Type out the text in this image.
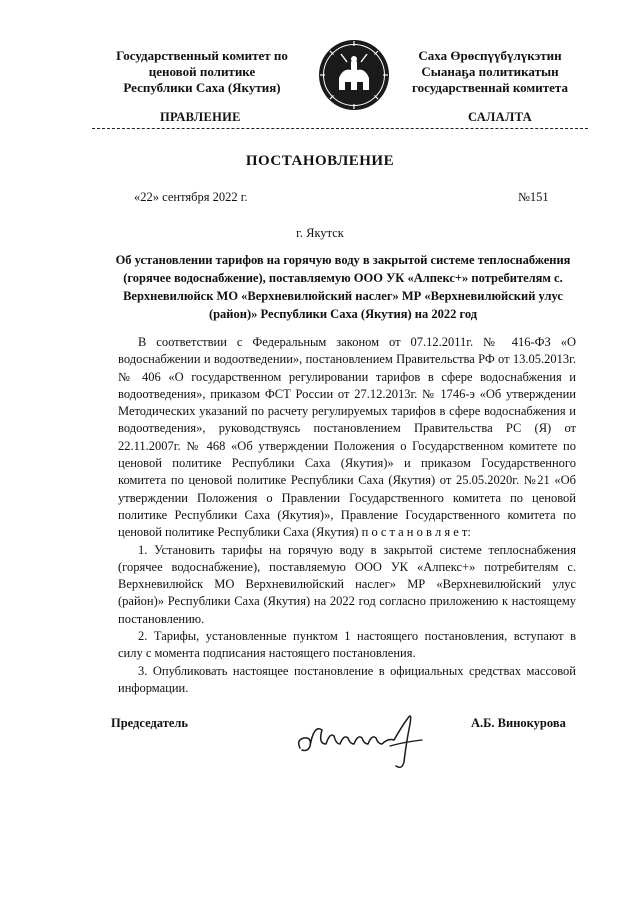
Государственный комитет по
ценовой политике
Республики Саха (Якутия)
Саха Өрөспүүбүлүкэтин
Сыанаҕа политикатын
государственнай комитета
ПРАВЛЕНИЕ	САЛАЛТА
ПОСТАНОВЛЕНИЕ
«22» сентября 2022 г.	№151
г. Якутск
Об установлении тарифов на горячую воду в закрытой системе теплоснабжения (горячее водоснабжение), поставляемую ООО УК «Алпекс+» потребителям с. Верхневилюйск МО «Верхневилюйский наслег» МР «Верхневилюйский улус (район)» Республики Саха (Якутия) на 2022 год

В соответствии с Федеральным законом от 07.12.2011г. № 416-ФЗ «О водоснабжении и водоотведении», постановлением Правительства РФ от 13.05.2013г. № 406 «О государственном регулировании тарифов в сфере водоснабжения и водоотведения», приказом ФСТ России от 27.12.2013г. № 1746-э «Об утверждении Методических указаний по расчету регулируемых тарифов в сфере водоснабжения и водоотведения», руководствуясь постановлением Правительства РС (Я) от 22.11.2007г. № 468 «Об утверждении Положения о Государственном комитете по ценовой политике Республики Саха (Якутия)» и приказом Государственного комитета по ценовой политике Республики Саха (Якутия) от 25.05.2020г. №21 «Об утверждении Положения о Правлении Государственного комитета по ценовой политике Республики Саха (Якутия)», Правление Государственного комитета по ценовой политике Республики Саха (Якутия) п о с т а н о в л я е т:

1. Установить тарифы на горячую воду в закрытой системе теплоснабжения (горячее водоснабжение), поставляемую ООО УК «Алпекс+» потребителям с. Верхневилюйск МО Верхневилюйский наслег» МР «Верхневилюйский улус (район)» Республики Саха (Якутия) на 2022 год согласно приложению к настоящему постановлению.

2. Тарифы, установленные пунктом 1 настоящего постановления, вступают в силу с момента подписания настоящего постановления.

3. Опубликовать настоящее постановление в официальных средствах массовой информации.

Председатель	А.Б. Винокурова
